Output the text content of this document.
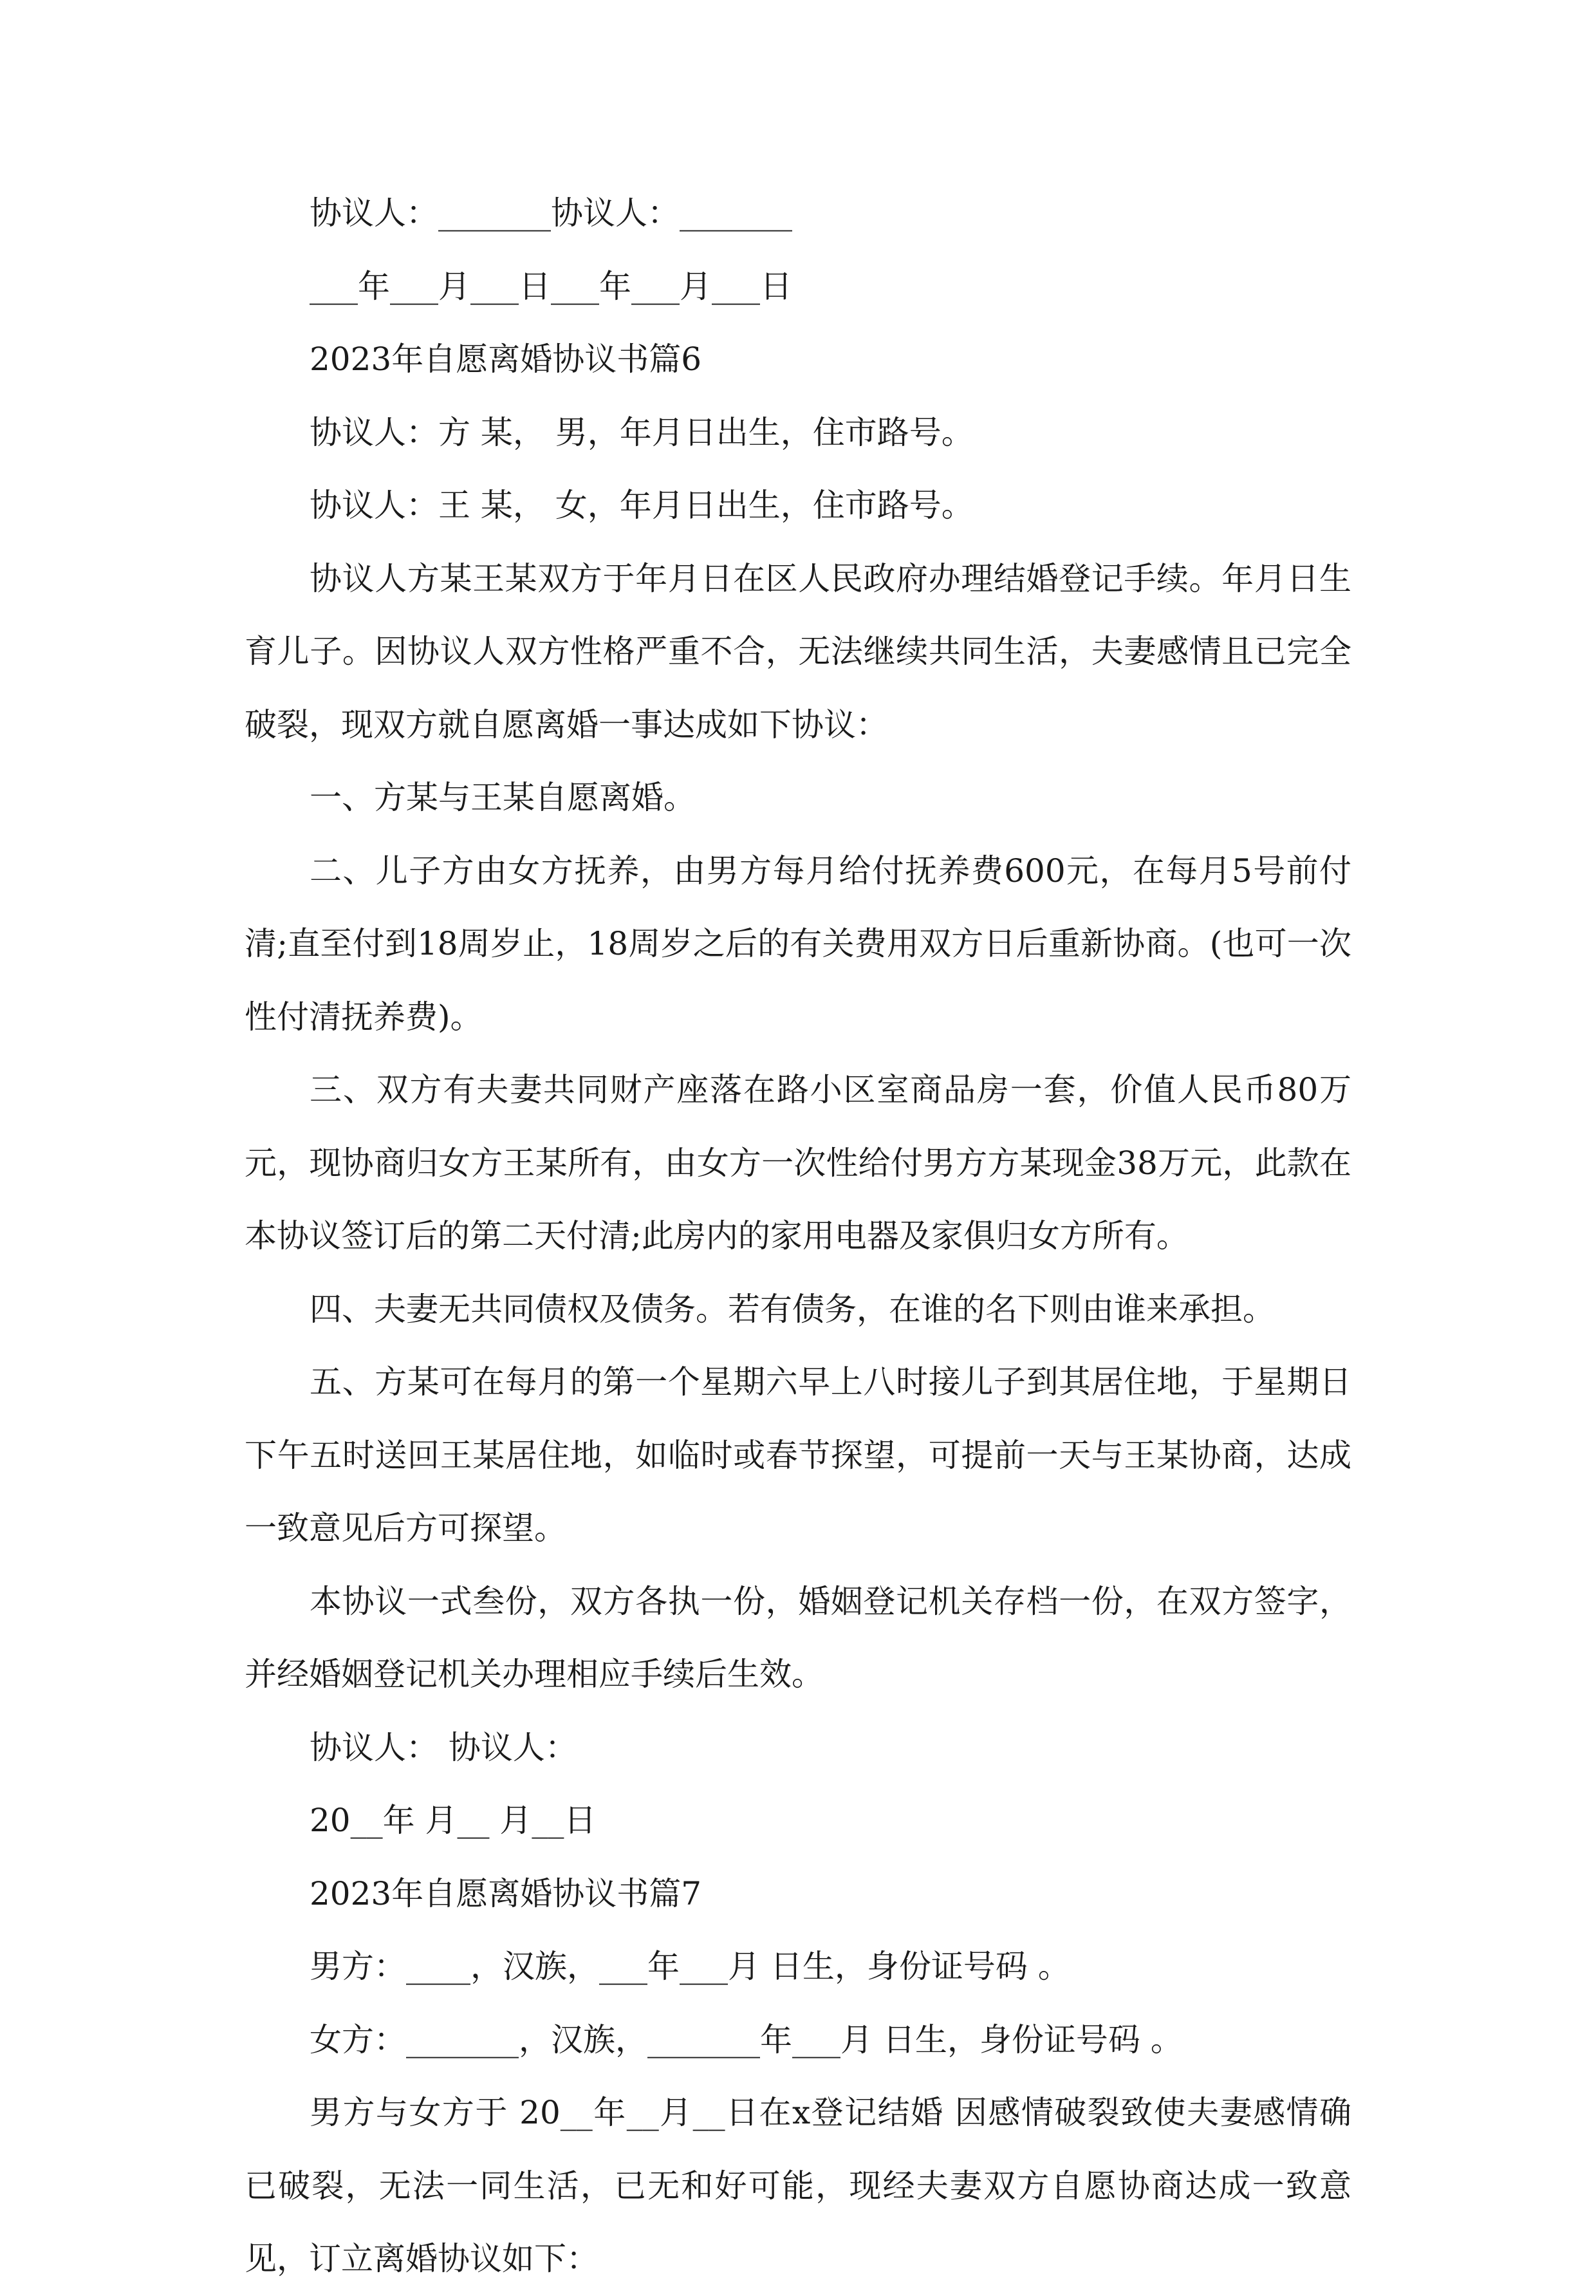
协议人：_______协议人：_______

___年___月___日___年___月___日

2023年自愿离婚协议书篇6

协议人：方 某， 男，年月日出生，住市路号。

协议人：王 某， 女，年月日出生，住市路号。

协议人方某王某双方于年月日在区人民政府办理结婚登记手续。年月日生育儿子。因协议人双方性格严重不合，无法继续共同生活，夫妻感情且已完全破裂，现双方就自愿离婚一事达成如下协议：

一、方某与王某自愿离婚。

二、儿子方由女方抚养，由男方每月给付抚养费600元，在每月5号前付清;直至付到18周岁止，18周岁之后的有关费用双方日后重新协商。(也可一次性付清抚养费)。

三、双方有夫妻共同财产座落在路小区室商品房一套，价值人民币80万元，现协商归女方王某所有，由女方一次性给付男方方某现金38万元，此款在本协议签订后的第二天付清;此房内的家用电器及家俱归女方所有。

四、夫妻无共同债权及债务。若有债务，在谁的名下则由谁来承担。

五、方某可在每月的第一个星期六早上八时接儿子到其居住地，于星期日下午五时送回王某居住地，如临时或春节探望，可提前一天与王某协商，达成一致意见后方可探望。

本协议一式叁份，双方各执一份，婚姻登记机关存档一份，在双方签字，并经婚姻登记机关办理相应手续后生效。

协议人： 协议人：

20__年 月__ 月__日

2023年自愿离婚协议书篇7

男方：____，汉族，___年___月 日生，身份证号码 。

女方：_______，汉族，_______年___月 日生，身份证号码 。

男方与女方于 20__年__月__日在x登记结婚 因感情破裂致使夫妻感情确已破裂，无法一同生活，已无和好可能，现经夫妻双方自愿协商达成一致意见，订立离婚协议如下：
